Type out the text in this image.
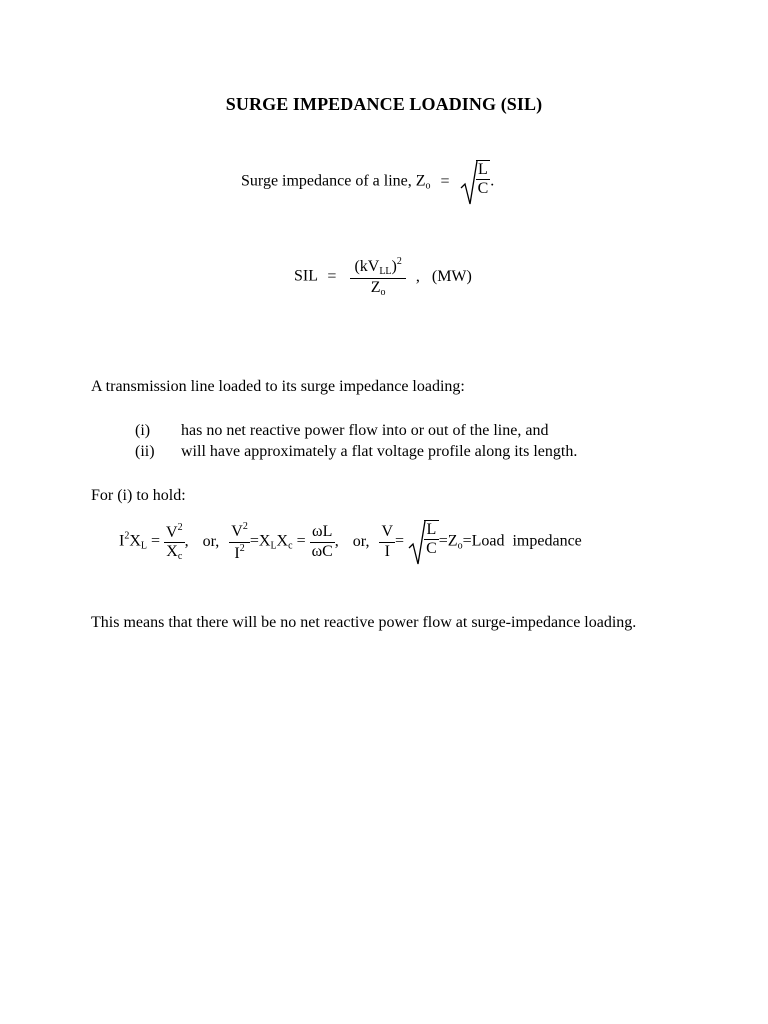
SURGE IMPEDANCE LOADING (SIL)
Surge impedance of a line, $Z_o = \frac{L}{C}$ .
SIL = $\frac{(kV_{LL})^2}{Z_o}$ ,   (MW)
A transmission line loaded to its surge impedance loading:
(i) has no net reactive power flow into or out of the line, and
(ii) will have approximately a flat voltage profile along its length.
For (i) to hold:
$I^2X_L = \frac{V^2}{X_c}$ , or, $\frac{V^2}{I^2} =X_LX_c = \frac{\omega L}{\omega C}$ , or, $\frac{V}{I} = \frac{L}{C}$ $=Z_o=Load$  impedance
This means that there will be no net reactive power flow at surge-impedance loading.
